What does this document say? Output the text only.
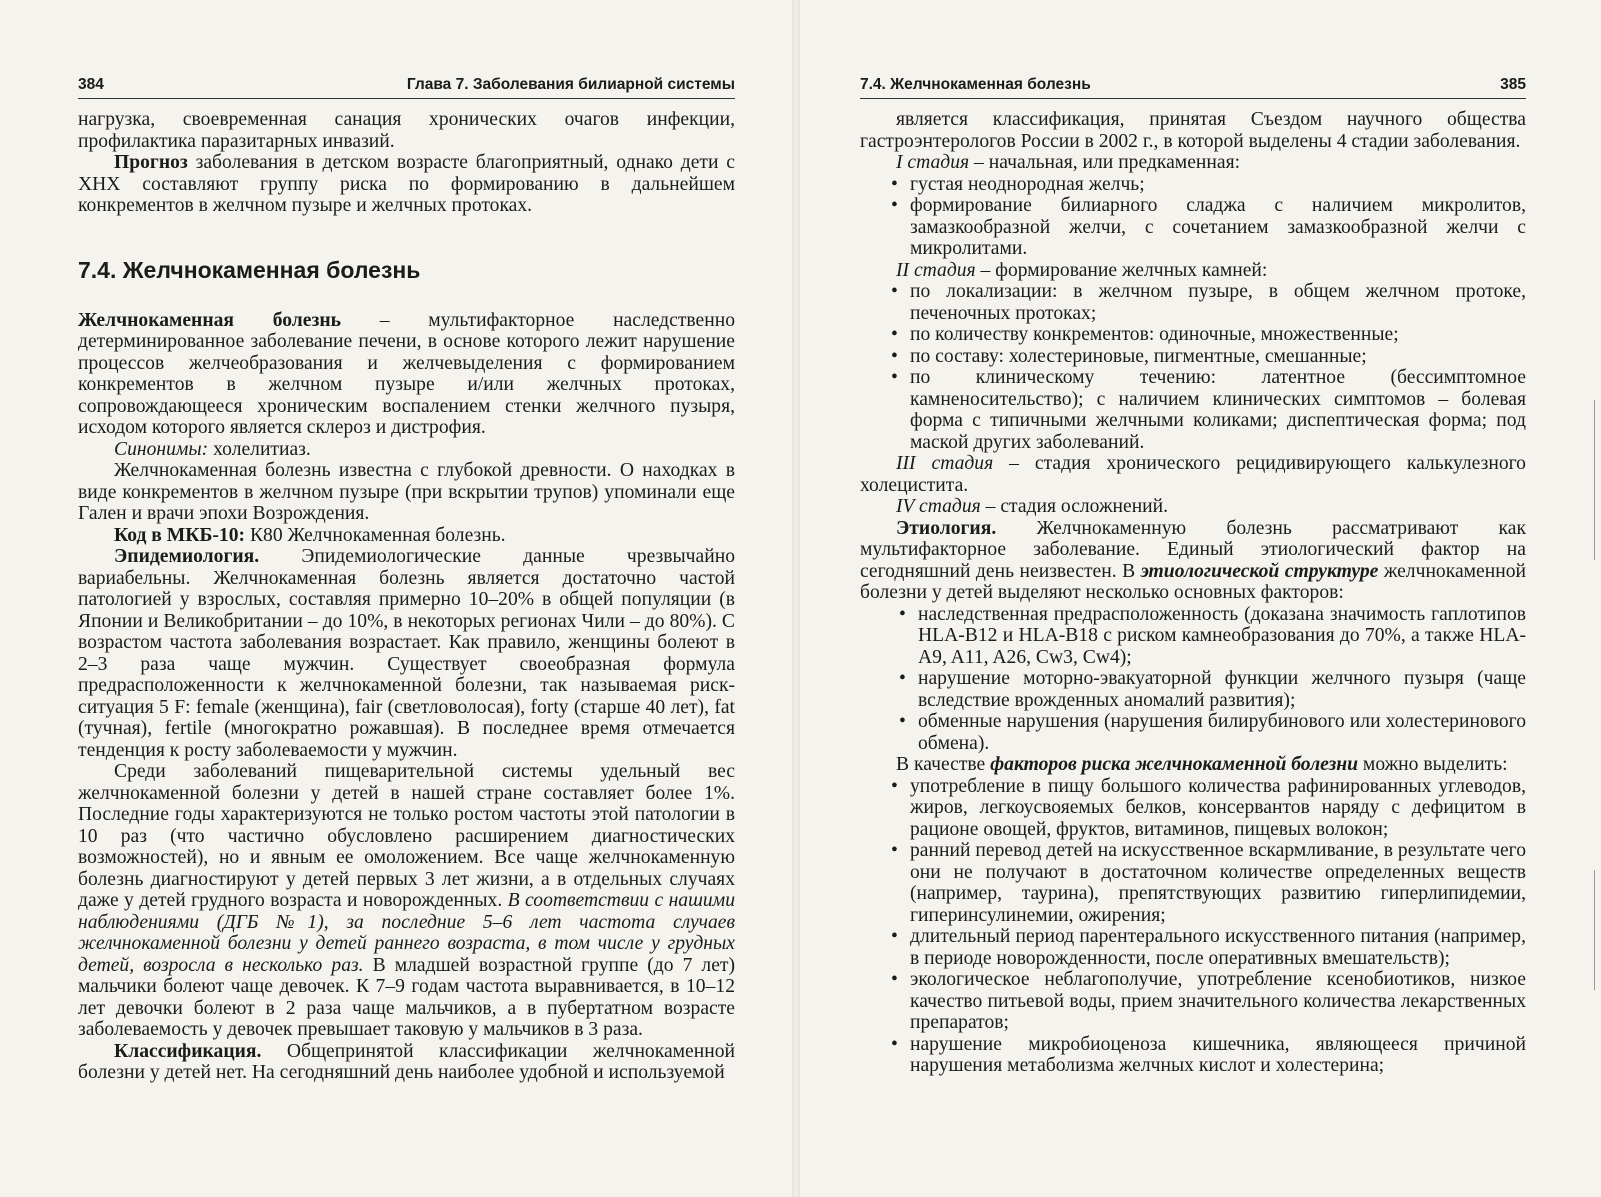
384	Глава 7. Заболевания билиарной системы

нагрузка, своевременная санация хронических очагов инфекции, профилактика паразитарных инвазий.

Прогноз заболевания в детском возрасте благоприятный, однако дети с ХНХ составляют группу риска по формированию в дальнейшем конкрементов в желчном пузыре и желчных протоках.

7.4. Желчнокаменная болезнь

Желчнокаменная болезнь – мультифакторное наследственно детерминированное заболевание печени, в основе которого лежит нарушение процессов желчеобразования и желчевыделения с формированием конкрементов в желчном пузыре и/или желчных протоках, сопровождающееся хроническим воспалением стенки желчного пузыря, исходом которого является склероз и дистрофия.

Синонимы: холелитиаз.

Желчнокаменная болезнь известна с глубокой древности. О находках в виде конкрементов в желчном пузыре (при вскрытии трупов) упоминали еще Гален и врачи эпохи Возрождения.

Код в МКБ-10: К80 Желчнокаменная болезнь.

Эпидемиология. Эпидемиологические данные чрезвычайно вариабельны. Желчнокаменная болезнь является достаточно частой патологией у взрослых, составляя примерно 10–20% в общей популяции (в Японии и Великобритании – до 10%, в некоторых регионах Чили – до 80%). С возрастом частота заболевания возрастает. Как правило, женщины болеют в 2–3 раза чаще мужчин. Существует своеобразная формула предрасположенности к желчнокаменной болезни, так называемая риск-ситуация 5 F: female (женщина), fair (светловолосая), forty (старше 40 лет), fat (тучная), fertile (многократно рожавшая). В последнее время отмечается тенденция к росту заболеваемости у мужчин.

Среди заболеваний пищеварительной системы удельный вес желчнокаменной болезни у детей в нашей стране составляет более 1%. Последние годы характеризуются не только ростом частоты этой патологии в 10 раз (что частично обусловлено расширением диагностических возможностей), но и явным ее омоложением. Все чаще желчнокаменную болезнь диагностируют у детей первых 3 лет жизни, а в отдельных случаях даже у детей грудного возраста и новорожденных. В соответствии с нашими наблюдениями (ДГБ №1), за последние 5–6 лет частота случаев желчнокаменной болезни у детей раннего возраста, в том числе у грудных детей, возросла в несколько раз. В младшей возрастной группе (до 7 лет) мальчики болеют чаще девочек. К 7–9 годам частота выравнивается, в 10–12 лет девочки болеют в 2 раза чаще мальчиков, а в пубертатном возрасте заболеваемость у девочек превышает таковую у мальчиков в 3 раза.

Классификация. Общепринятой классификации желчнокаменной болезни у детей нет. На сегодняшний день наиболее удобной и используемой

7.4. Желчнокаменная болезнь	385

является классификация, принятая Съездом научного общества гастроэнтерологов России в 2002 г., в которой выделены 4 стадии заболевания.

I стадия – начальная, или предкаменная:

• густая неоднородная желчь;
• формирование билиарного сладжа с наличием микролитов, замазкообразной желчи, с сочетанием замазкообразной желчи с микролитами.

II стадия – формирование желчных камней:

• по локализации: в желчном пузыре, в общем желчном протоке, печеночных протоках;
• по количеству конкрементов: одиночные, множественные;
• по составу: холестериновые, пигментные, смешанные;
• по клиническому течению: латентное (бессимптомное камненосительство); с наличием клинических симптомов – болевая форма с типичными желчными коликами; диспептическая форма; под маской других заболеваний.

III стадия – стадия хронического рецидивирующего калькулезного холецистита.

IV стадия – стадия осложнений.

Этиология. Желчнокаменную болезнь рассматривают как мультифакторное заболевание. Единый этиологический фактор на сегодняшний день неизвестен. В этиологической структуре желчнокаменной болезни у детей выделяют несколько основных факторов:

• наследственная предрасположенность (доказана значимость гаплотипов HLA-B12 и HLA-B18 с риском камнеобразования до 70%, а также HLA-A9, A11, A26, Cw3, Cw4);
• нарушение моторно-эвакуаторной функции желчного пузыря (чаще вследствие врожденных аномалий развития);
• обменные нарушения (нарушения билирубинового или холестеринового обмена).

В качестве факторов риска желчнокаменной болезни можно выделить:

• употребление в пищу большого количества рафинированных углеводов, жиров, легкоусвояемых белков, консервантов наряду с дефицитом в рационе овощей, фруктов, витаминов, пищевых волокон;
• ранний перевод детей на искусственное вскармливание, в результате чего они не получают в достаточном количестве определенных веществ (например, таурина), препятствующих развитию гиперлипидемии, гиперинсулинемии, ожирения;
• длительный период парентерального искусственного питания (например, в периоде новорожденности, после оперативных вмешательств);
• экологическое неблагополучие, употребление ксенобиотиков, низкое качество питьевой воды, прием значительного количества лекарственных препаратов;
• нарушение микробиоценоза кишечника, являющееся причиной нарушения метаболизма желчных кислот и холестерина;
